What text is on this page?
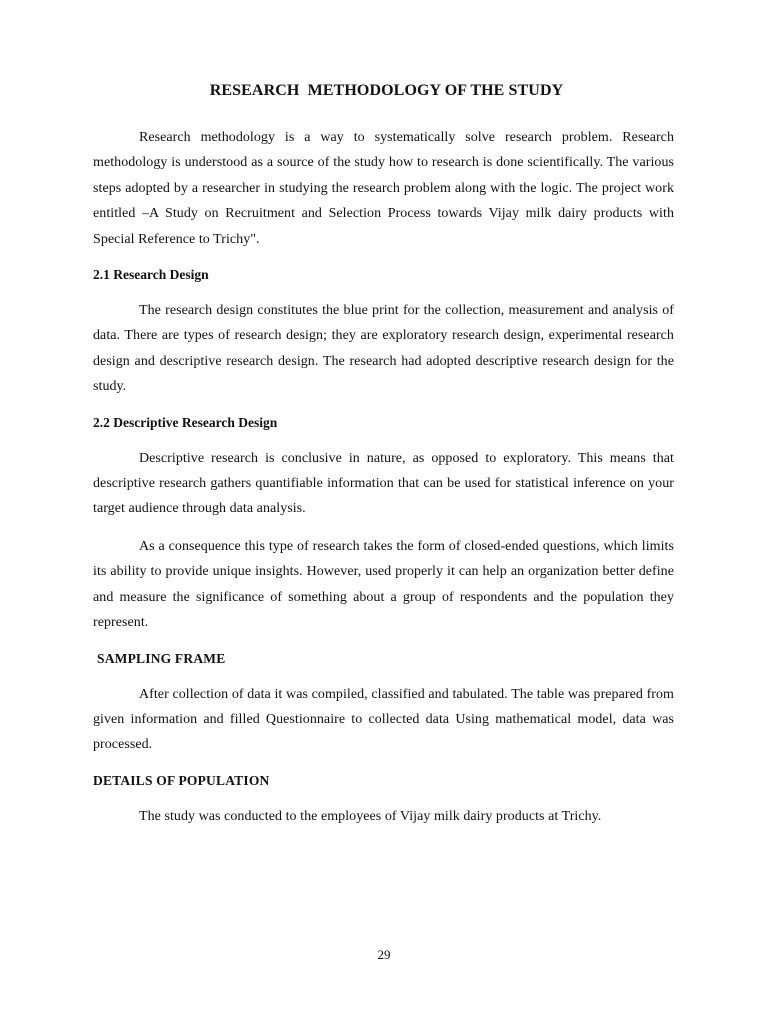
RESEARCH  METHODOLOGY OF THE STUDY

Research methodology is a way to systematically solve research problem. Research methodology is understood as a source of the study how to research is done scientifically. The various steps adopted by a researcher in studying the research problem along with the logic. The project work entitled –A Study on Recruitment and Selection Process towards Vijay milk dairy products with Special Reference to Trichy".

2.1 Research Design

The research design constitutes the blue print for the collection, measurement and analysis of data. There are types of research design; they are exploratory research design, experimental research design and descriptive research design. The research had adopted descriptive research design for the study.

2.2 Descriptive Research Design

Descriptive research is conclusive in nature, as opposed to exploratory. This means that descriptive research gathers quantifiable information that can be used for statistical inference on your target audience through data analysis.

As a consequence this type of research takes the form of closed-ended questions, which limits its ability to provide unique insights. However, used properly it can help an organization better define and measure the significance of something about a group of respondents and the population they represent.

SAMPLING FRAME

After collection of data it was compiled, classified and tabulated. The table was prepared from given information and filled Questionnaire to collected data Using mathematical model, data was processed.

DETAILS OF POPULATION

The study was conducted to the employees of Vijay milk dairy products at Trichy.

29
